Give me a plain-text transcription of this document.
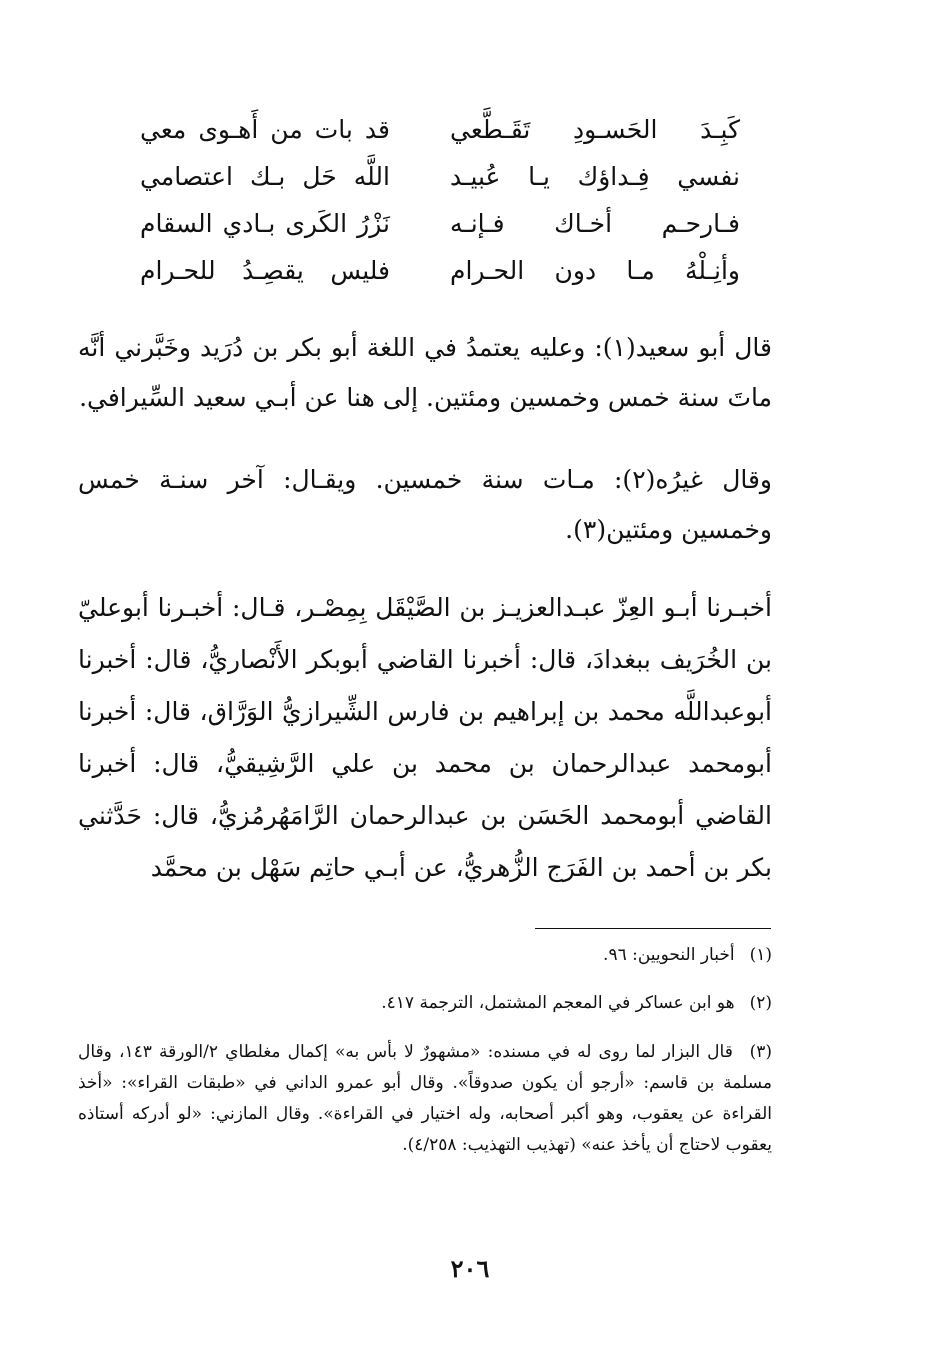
كَبِـدَ الحَسـودِ تَقَـطَّعي
قد بات من أَهـوى معي
نفسي فِـداؤك يـا عُبيـد
اللَّه حَل بـك اعتصامي
فـارحـم أخـاك فـإنـه
نَزْرُ الكَرى بـادي السقام
وأنِـلْهُ مـا دون الحـرام
فليس يقصِـدُ للحـرام

قال أبو سعيد(١): وعليه يعتمدُ في اللغة أبو بكر بن دُرَيد وخَبَّرني أنَّه ماتَ سنة خمس وخمسين ومئتين. إلى هنا عن أبـي سعيد السِّيرافي.

وقال غيرُه(٢): مـات سنة خمسين. ويقـال: آخر سنـة خمس وخمسين ومئتين(٣).

أخبـرنا أبـو العِزّ عبـدالعزيـز بن الصَّيْقَل بِمِصْـر، قـال: أخبـرنا أبوعليّ بن الخُرَيف ببغدادَ، قال: أخبرنا القاضي أبوبكر الأَنْصاريُّ، قال: أخبرنا أبوعبداللَّه محمد بن إبراهيم بن فارس الشِّيرازيُّ الوَرَّاق، قال: أخبرنا أبومحمد عبدالرحمان بن محمد بن علي الرَّشِيقيُّ، قال: أخبرنا القاضي أبومحمد الحَسَن بن عبدالرحمان الرَّامَهُرمُزيُّ، قال: حَدَّثني بكر بن أحمد بن الفَرَج الزُّهريُّ، عن أبـي حاتِم سَهْل بن محمَّد

(١) أخبار النحويين: ٩٦.
(٢) هو ابن عساكر في المعجم المشتمل، الترجمة ٤١٧.
(٣) قال البزار لما روى له في مسنده: «مشهورٌ لا بأس به» إكمال مغلطاي ٢/الورقة ١٤٣، وقال مسلمة بن قاسم: «أرجو أن يكون صدوقاً». وقال أبو عمرو الداني في «طبقات القراء»: «أخذ القراءة عن يعقوب، وهو أكبر أصحابه، وله اختيار في القراءة». وقال المازني: «لو أدركه أستاذه يعقوب لاحتاج أن يأخذ عنه» (تهذيب التهذيب: ٤/٢٥٨).
٢٠٦
